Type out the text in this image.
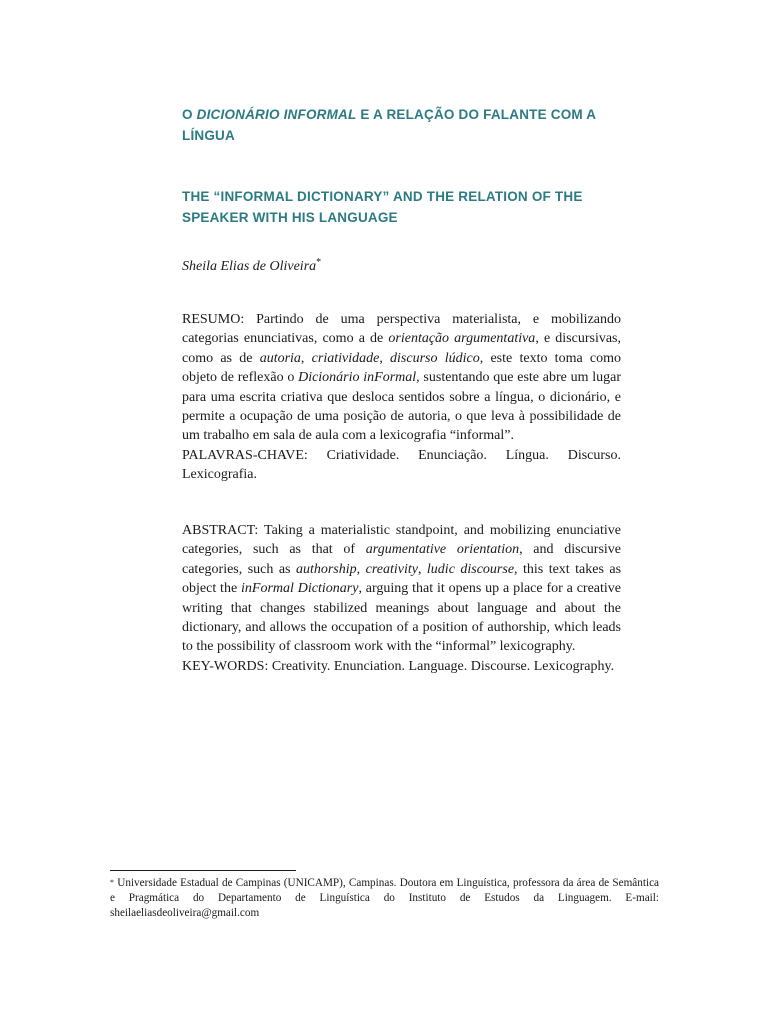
O DICIONÁRIO INFORMAL E A RELAÇÃO DO FALANTE COM A LÍNGUA
THE “INFORMAL DICTIONARY” AND THE RELATION OF THE SPEAKER WITH HIS LANGUAGE
Sheila Elias de Oliveira*

RESUMO: Partindo de uma perspectiva materialista, e mobilizando categorias enunciativas, como a de orientação argumentativa, e discursivas, como as de autoria, criatividade, discurso lúdico, este texto toma como objeto de reflexão o Dicionário inFormal, sustentando que este abre um lugar para uma escrita criativa que desloca sentidos sobre a língua, o dicionário, e permite a ocupação de uma posição de autoria, o que leva à possibilidade de um trabalho em sala de aula com a lexicografia “informal”.

PALAVRAS-CHAVE: Criatividade. Enunciação. Língua. Discurso. Lexicografia.

ABSTRACT: Taking a materialistic standpoint, and mobilizing enunciative categories, such as that of argumentative orientation, and discursive categories, such as authorship, creativity, ludic discourse, this text takes as object the inFormal Dictionary, arguing that it opens up a place for a creative writing that changes stabilized meanings about language and about the dictionary, and allows the occupation of a position of authorship, which leads to the possibility of classroom work with the “informal” lexicography.

KEY-WORDS: Creativity. Enunciation. Language. Discourse. Lexicography.

* Universidade Estadual de Campinas (UNICAMP), Campinas. Doutora em Linguística, professora da área de Semântica e Pragmática do Departamento de Linguística do Instituto de Estudos da Linguagem. E-mail: sheilaeliasdeoliveira@gmail.com
